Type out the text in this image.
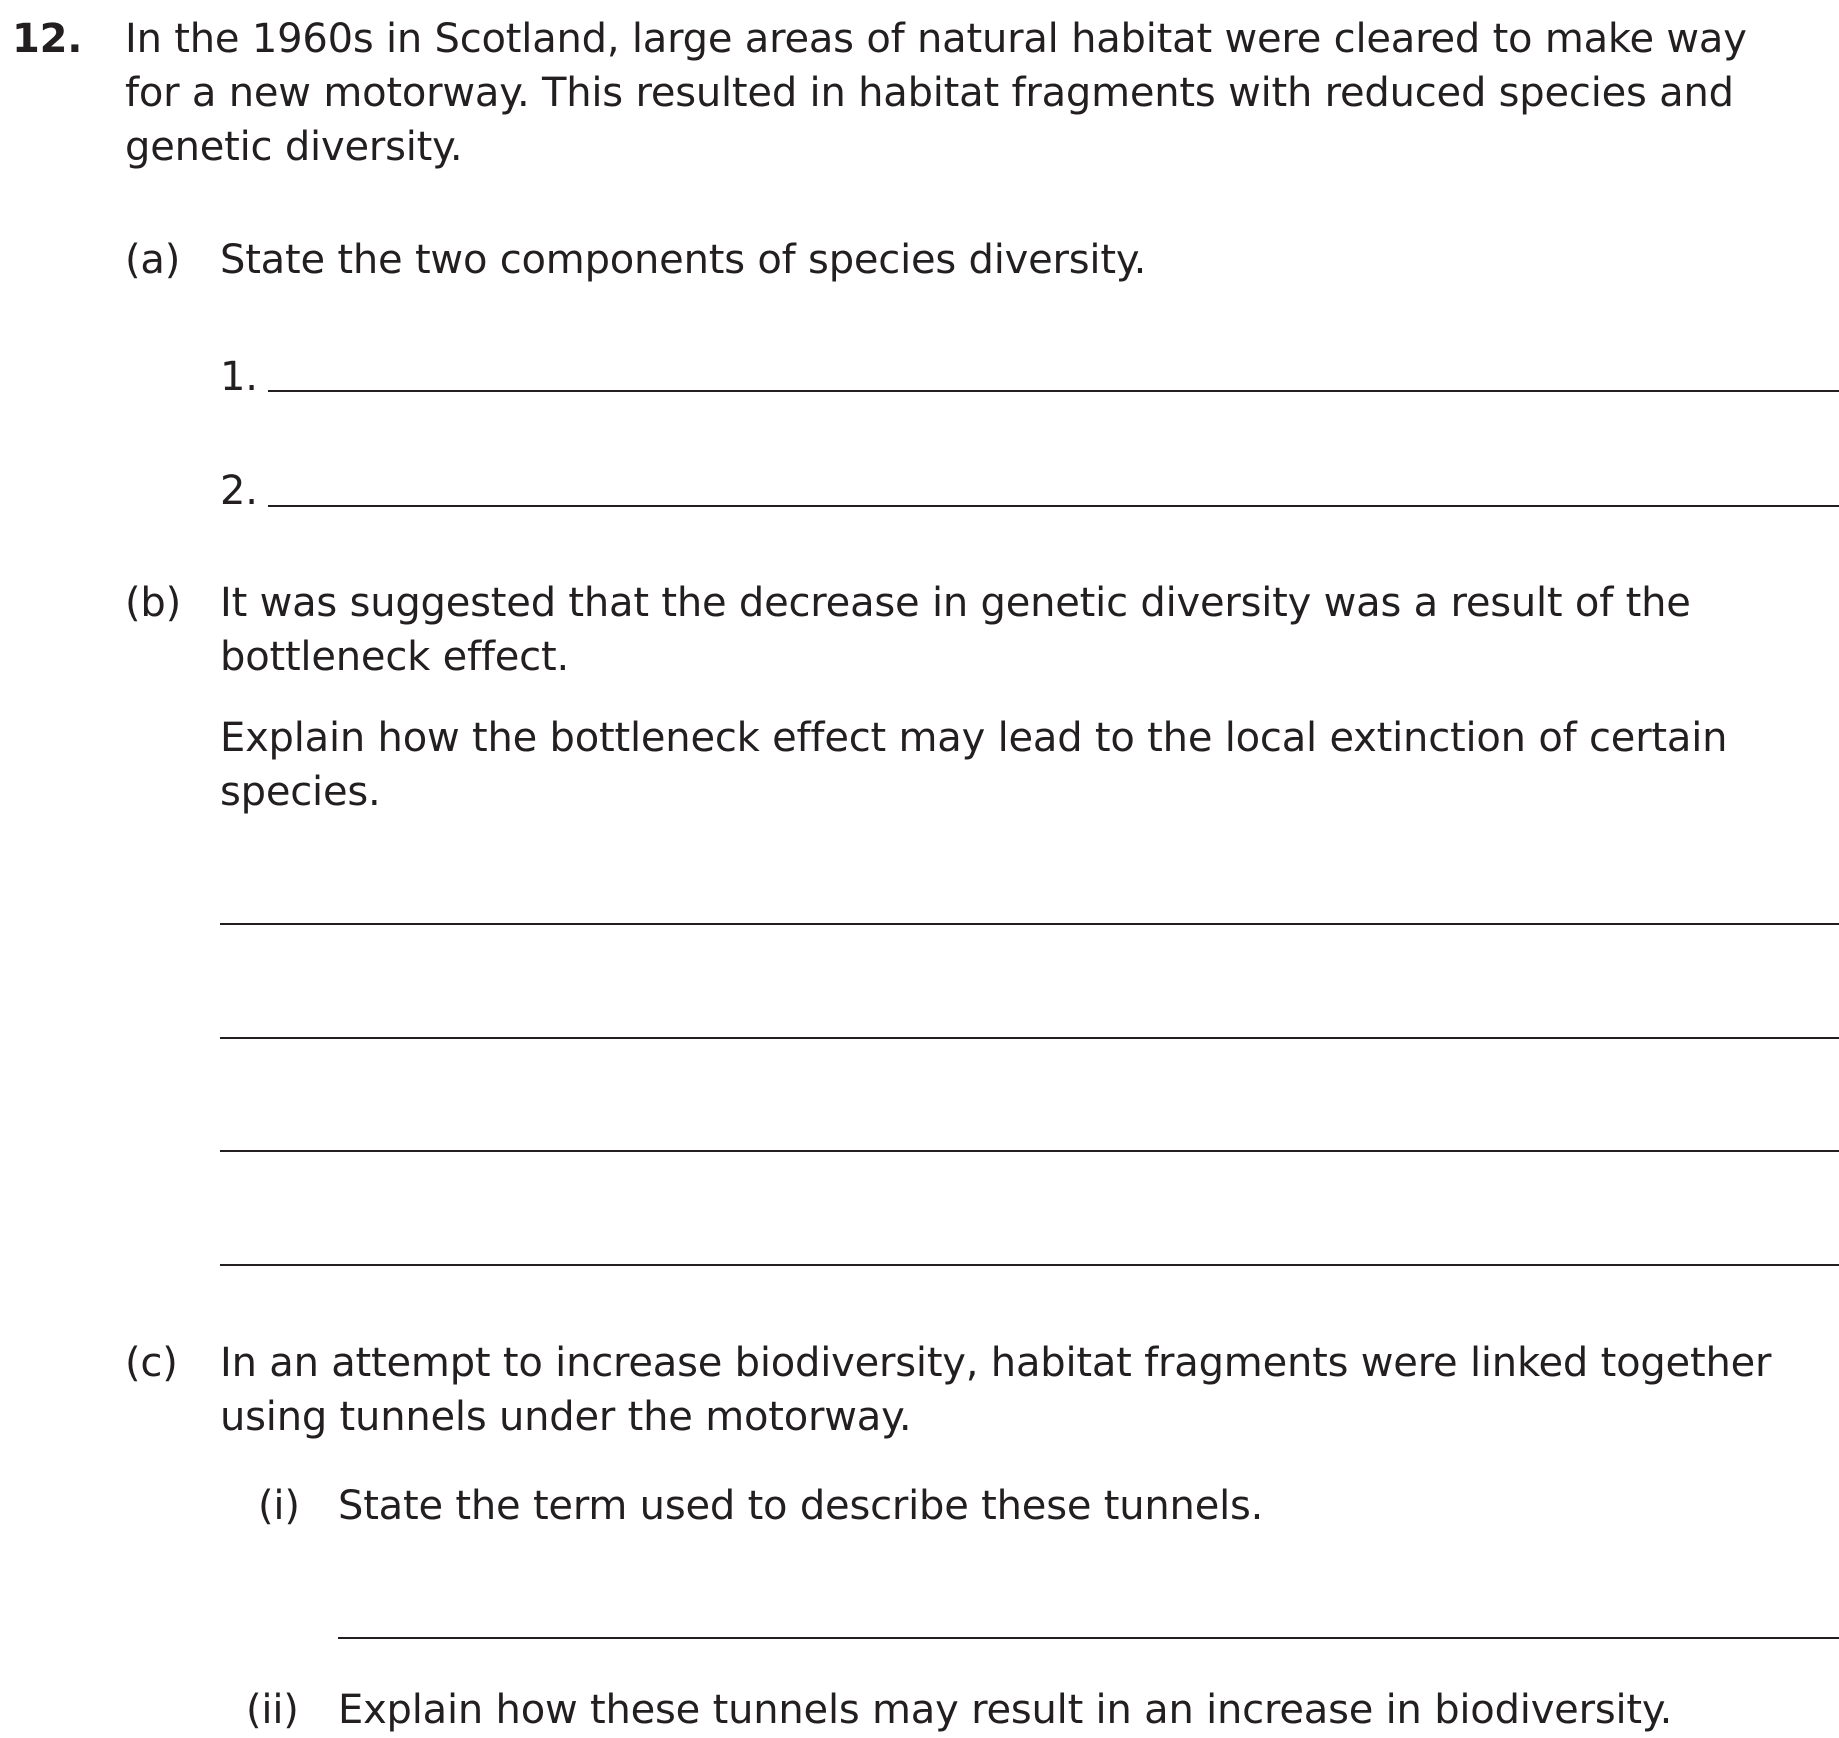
12. In the 1960s in Scotland, large areas of natural habitat were cleared to make way
for a new motorway. This resulted in habitat fragments with reduced species and
genetic diversity.
(a) State the two components of species diversity.
1.
2.
(b) It was suggested that the decrease in genetic diversity was a result of the
bottleneck effect.
Explain how the bottleneck effect may lead to the local extinction of certain
species.
(c) In an attempt to increase biodiversity, habitat fragments were linked together
using tunnels under the motorway.
(i) State the term used to describe these tunnels.
(ii) Explain how these tunnels may result in an increase in biodiversity.
